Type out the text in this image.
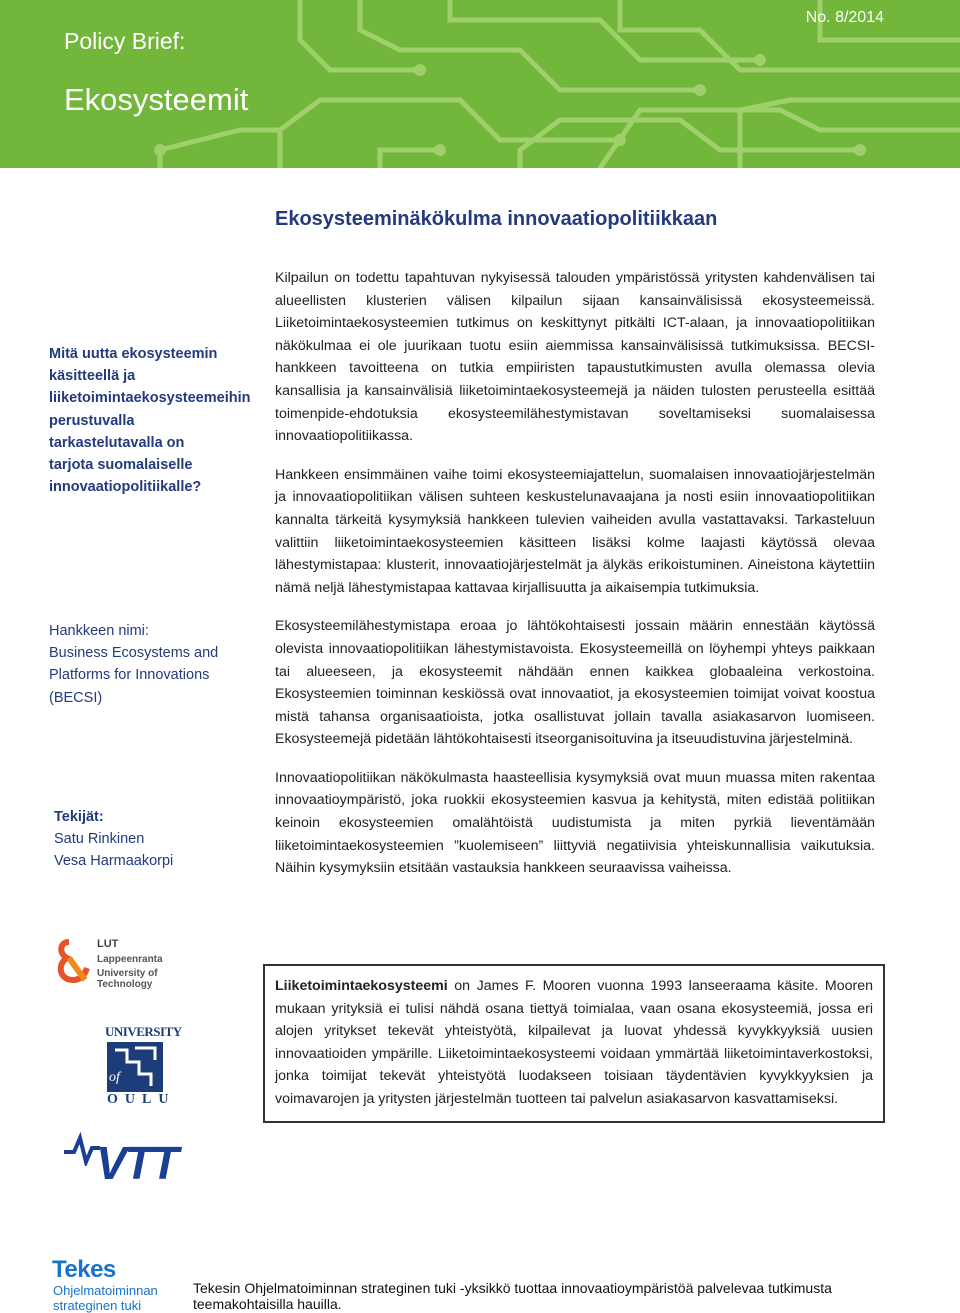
Policy Brief:
Ekosysteemit
No. 8/2014
Ekosysteeminäkökulma innovaatiopolitiikkaan
Mitä uutta ekosysteemin käsitteellä ja liiketoimintaekosysteemeihin perustuvalla tarkastelutavalla on tarjota suomalaiselle innovaatiopolitiikalle?
Hankkeen nimi:
Business Ecosystems and Platforms for Innovations (BECSI)
Tekijät:
Satu Rinkinen
Vesa Harmaakorpi

Kilpailun on todettu tapahtuvan nykyisessä talouden ympäristössä yritysten kahdenvälisen tai alueellisten klusterien välisen kilpailun sijaan kansainvälisissä ekosysteemeissä. Liiketoimintaekosysteemien tutkimus on keskittynyt pitkälti ICT-alaan, ja innovaatiopolitiikan näkökulmaa ei ole juurikaan tuotu esiin aiemmissa kansainvälisissä tutkimuksissa. BECSI-hankkeen tavoitteena on tutkia empiiristen tapaustutkimusten avulla olemassa olevia kansallisia ja kansainvälisiä liiketoimintaekosysteemejä ja näiden tulosten perusteella esittää toimenpide-ehdotuksia ekosysteemilähestymistavan soveltamiseksi suomalaisessa innovaatiopolitiikassa.

Hankkeen ensimmäinen vaihe toimi ekosysteemiajattelun, suomalaisen innovaatiojärjestelmän ja innovaatiopolitiikan välisen suhteen keskustelunavaajana ja nosti esiin innovaatiopolitiikan kannalta tärkeitä kysymyksiä hankkeen tulevien vaiheiden avulla vastattavaksi. Tarkasteluun valittiin liiketoimintaekosysteemien käsitteen lisäksi kolme laajasti käytössä olevaa lähestymistapaa: klusterit, innovaatiojärjestelmät ja älykäs erikoistuminen. Aineistona käytettiin nämä neljä lähestymistapaa kattavaa kirjallisuutta ja aikaisempia tutkimuksia.

Ekosysteemilähestymistapa eroaa jo lähtökohtaisesti jossain määrin ennestään käytössä olevista innovaatiopolitiikan lähestymistavoista. Ekosysteemeillä on löyhempi yhteys paikkaan tai alueeseen, ja ekosysteemit nähdään ennen kaikkea globaaleina verkostoina. Ekosysteemien toiminnan keskiössä ovat innovaatiot, ja ekosysteemien toimijat voivat koostua mistä tahansa organisaatioista, jotka osallistuvat jollain tavalla asiakasarvon luomiseen. Ekosysteemejä pidetään lähtökohtaisesti itseorganisoituvina ja itseuudistuvina järjestelminä.

Innovaatiopolitiikan näkökulmasta haasteellisia kysymyksiä ovat muun muassa miten rakentaa innovaatioympäristö, joka ruokkii ekosysteemien kasvua ja kehitystä, miten edistää politiikan keinoin ekosysteemien omalähtöistä uudistumista ja miten pyrkiä lieventämään liiketoimintaekosysteemien ”kuolemiseen” liittyviä negatiivisia yhteiskunnallisia vaikutuksia. Näihin kysymyksiin etsitään vastauksia hankkeen seuraavissa vaiheissa.

LUT
Lappeenranta
University of Technology
UNIVERSITY
of
OULU
VTT
Liiketoimintaekosysteemi on James F. Mooren vuonna 1993 lanseeraama käsite. Mooren mukaan yrityksiä ei tulisi nähdä osana tiettyä toimialaa, vaan osana ekosysteemiä, jossa eri alojen yritykset tekevät yhteistyötä, kilpailevat ja luovat yhdessä kyvykkyyksiä uusien innovaatioiden ympärille. Liiketoimintaekosysteemi voidaan ymmärtää liiketoimintaverkostoksi, jonka toimijat tekevät yhteistyötä luodakseen toisiaan täydentävien kyvykkyyksien ja voimavarojen ja yritysten järjestelmän tuotteen tai palvelun asiakasarvon kasvattamiseksi.
Tekes
Ohjelmatoiminnan
strateginen tuki
Tekesin Ohjelmatoiminnan strateginen tuki -yksikkö tuottaa innovaatioympäristöä palvelevaa tutkimusta teemakohtaisilla hauilla.
